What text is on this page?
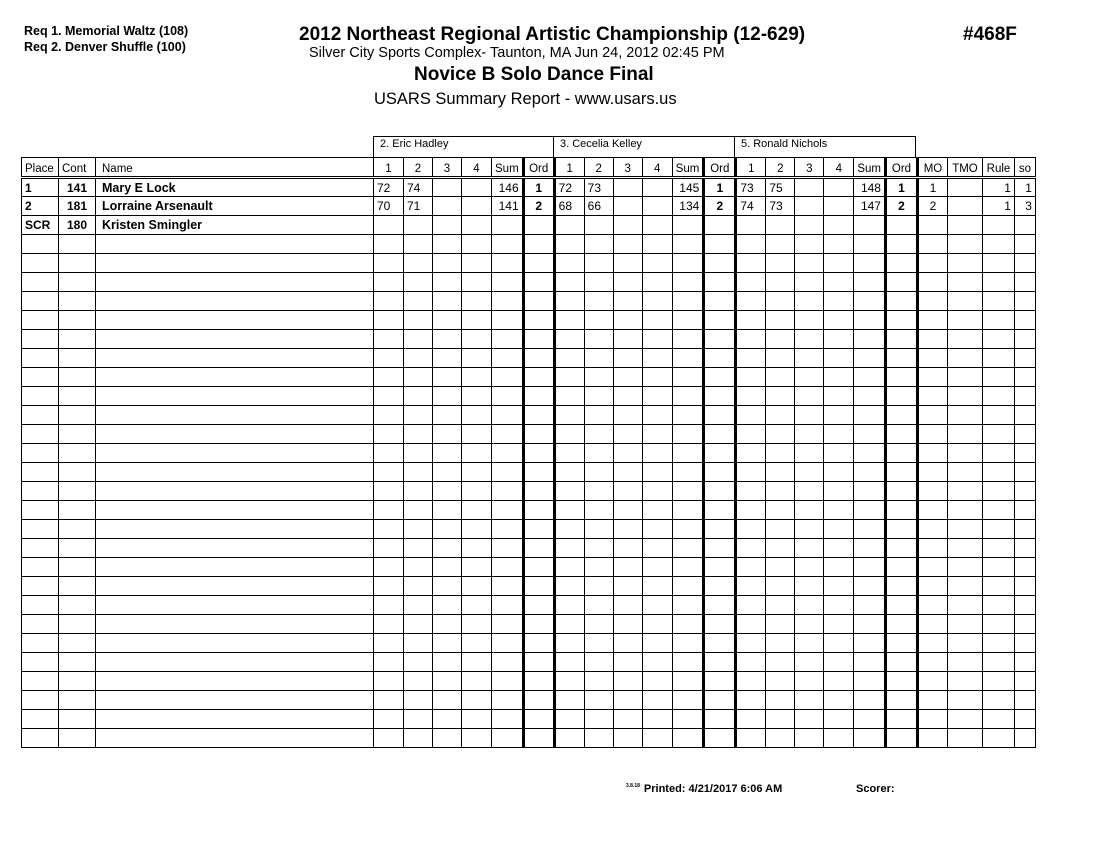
Req 1. Memorial Waltz (108)
Req 2. Denver Shuffle (100)
2012 Northeast Regional Artistic Championship (12-629)
Silver City Sports Complex- Taunton, MA Jun 24, 2012 02:45 PM
Novice B Solo Dance Final
USARS Summary Report - www.usars.us
#468F
2. Eric Hadley	3. Cecelia Kelley	5. Ronald Nichols
Place	Cont	Name	1	2	3	4	Sum	Ord	1	2	3	4	Sum	Ord	1	2	3	4	Sum	Ord	MO	TMO	Rule	so
1	141	Mary E Lock	72	74			146	1	72	73			145	1	73	75			148	1	1		1	1
2	181	Lorraine Arsenault	70	71			141	2	68	66			134	2	74	73			147	2	2		1	3
SCR	180	Kristen Smingler																						

$^{3.8.18}$ Printed: 4/21/2017 6:06 AM	Scorer:
